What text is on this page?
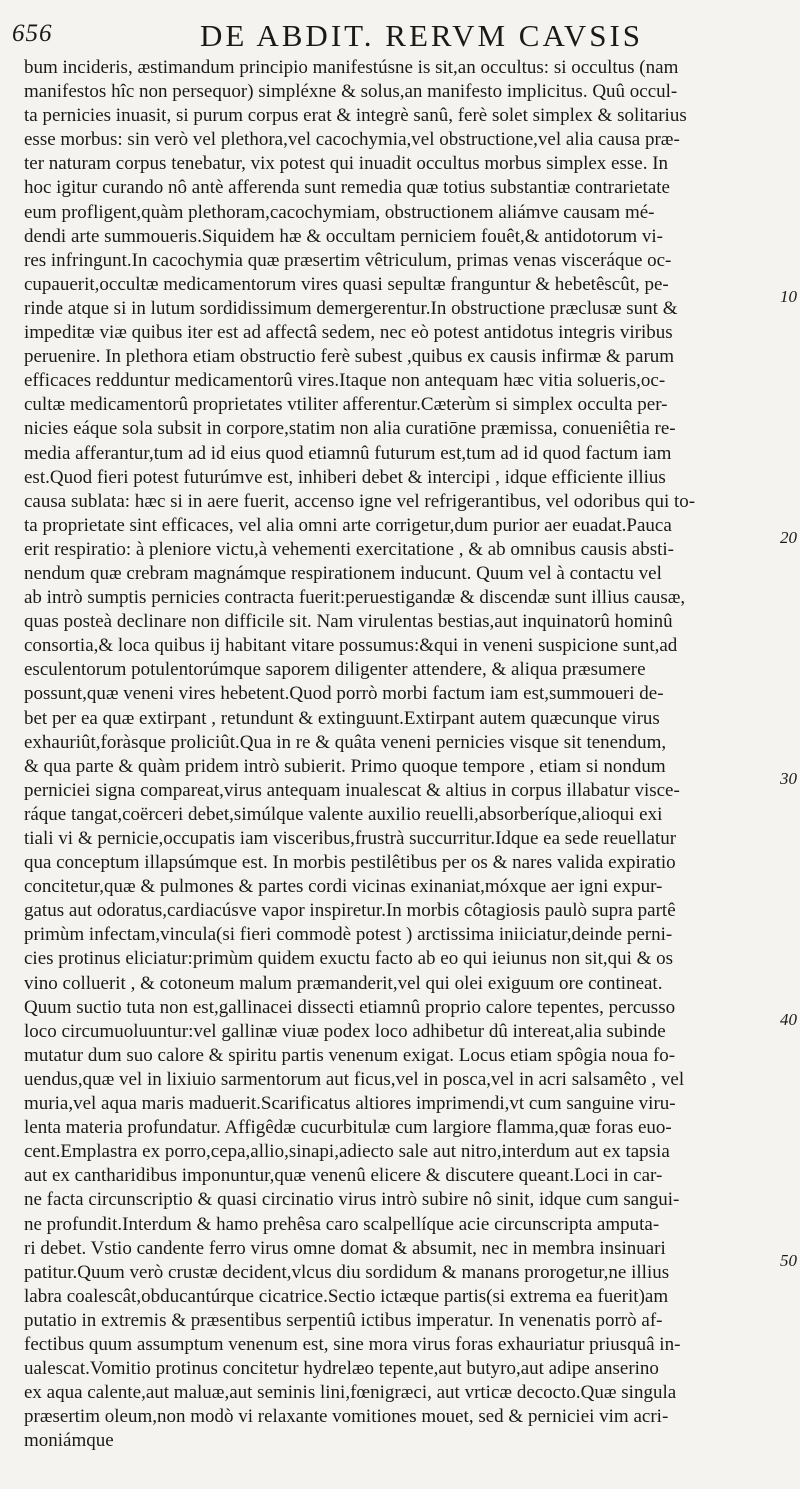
656	DE ABDIT. RERVM CAVSIS
bum incideris, æstimandum principio manifestúsne is sit,an occultus: si occultus (nam
manifestos hîc non persequor) simpléxne & solus,an manifesto implicitus. Quû occul-
ta pernicies inuasit, si purum corpus erat & integrè sanû, ferè solet simplex & solitarius
esse morbus: sin verò vel plethora,vel cacochymia,vel obstructione,vel alia causa præ-
ter naturam corpus tenebatur, vix potest qui inuadit occultus morbus simplex esse. In
hoc igitur curando nô antè afferenda sunt remedia quæ totius substantiæ contrarietate
eum profligent,quàm plethoram,cacochymiam, obstructionem aliámve causam mé-
dendi arte summoueris.Siquidem hæ & occultam perniciem fouêt,& antidotorum vi-
res infringunt.In cacochymia quæ præsertim vêtriculum, primas venas visceráque oc-
cupauerit,occultæ medicamentorum vires quasi sepultæ franguntur & hebetêscût, pe-
rinde atque si in lutum sordidissimum demergerentur.In obstructione præclusæ sunt &
impeditæ viæ quibus iter est ad affectâ sedem, nec eò potest antidotus integris viribus
peruenire. In plethora etiam obstructio ferè subest ,quibus ex causis infirmæ & parum
efficaces redduntur medicamentorû vires.Itaque non antequam hæc vitia solueris,oc-
cultæ medicamentorû proprietates vtiliter afferentur.Cæterùm si simplex occulta per-
nicies eáque sola subsit in corpore,statim non alia curatiōne præmissa, conueniêtia re-
media afferantur,tum ad id eius quod etiamnû futurum est,tum ad id quod factum iam
est.Quod fieri potest futurúmve est, inhiberi debet & intercipi , idque efficiente illius
causa sublata: hæc si in aere fuerit, accenso igne vel refrigerantibus, vel odoribus qui to-
ta proprietate sint efficaces, vel alia omni arte corrigetur,dum purior aer euadat.Pauca
erit respiratio: à pleniore victu,à vehementi exercitatione , & ab omnibus causis absti-
nendum quæ crebram magnámque respirationem inducunt. Quum vel à contactu vel
ab intrò sumptis pernicies contracta fuerit:peruestigandæ & discendæ sunt illius causæ,
quas posteà declinare non difficile sit. Nam virulentas bestias,aut inquinatorû hominû
consortia,& loca quibus ij habitant vitare possumus:&qui in veneni suspicione sunt,ad
esculentorum potulentorúmque saporem diligenter attendere, & aliqua præsumere
possunt,quæ veneni vires hebetent.Quod porrò morbi factum iam est,summoueri de-
bet per ea quæ extirpant , retundunt & extinguunt.Extirpant autem quæcunque virus
exhauriût,foràsque proliciût.Qua in re & quâta veneni pernicies visque sit tenendum,
& qua parte & quàm pridem intrò subierit. Primo quoque tempore , etiam si nondum
perniciei signa compareat,virus antequam inualescat & altius in corpus illabatur visce-
ráque tangat,coërceri debet,simúlque valente auxilio reuelli,absorberíque,alioqui exi
tiali vi & pernicie,occupatis iam visceribus,frustrà succurritur.Idque ea sede reuellatur
qua conceptum illapsúmque est. In morbis pestilêtibus per os & nares valida expiratio
concitetur,quæ & pulmones & partes cordi vicinas exinaniat,móxque aer igni expur-
gatus aut odoratus,cardiacúsve vapor inspiretur.In morbis côtagiosis paulò supra partê
primùm infectam,vincula(si fieri commodè potest ) arctissima iniiciatur,deinde perni-
cies protinus eliciatur:primùm quidem exuctu facto ab eo qui ieiunus non sit,qui & os
vino colluerit , & cotoneum malum præmanderit,vel qui olei exiguum ore contineat.
Quum suctio tuta non est,gallinacei dissecti etiamnû proprio calore tepentes, percusso
loco circumuoluuntur:vel gallinæ viuæ podex loco adhibetur dû intereat,alia subinde
mutatur dum suo calore & spiritu partis venenum exigat. Locus etiam spôgia noua fo-
uendus,quæ vel in lixiuio sarmentorum aut ficus,vel in posca,vel in acri salsamêto , vel
muria,vel aqua maris maduerit.Scarificatus altiores imprimendi,vt cum sanguine viru-
lenta materia profundatur. Affigêdæ cucurbitulæ cum largiore flamma,quæ foras euo-
cent.Emplastra ex porro,cepa,allio,sinapi,adiecto sale aut nitro,interdum aut ex tapsia
aut ex cantharidibus imponuntur,quæ venenû elicere & discutere queant.Loci in car-
ne facta circunscriptio & quasi circinatio virus intrò subire nô sinit, idque cum sangui-
ne profundit.Interdum & hamo prehêsa caro scalpellíque acie circunscripta amputa-
ri debet. Vstio candente ferro virus omne domat & absumit, nec in membra insinuari
patitur.Quum verò crustæ decident,vlcus diu sordidum & manans prorogetur,ne illius
labra coalescât,obducantúrque cicatrice.Sectio ictæque partis(si extrema ea fuerit)am
putatio in extremis & præsentibus serpentiû ictibus imperatur. In venenatis porrò af-
fectibus quum assumptum venenum est, sine mora virus foras exhauriatur priusquâ in-
ualescat.Vomitio protinus concitetur hydrelæo tepente,aut butyro,aut adipe anserino
ex aqua calente,aut maluæ,aut seminis lini,fœnigræci, aut vrticæ decocto.Quæ singula
præsertim oleum,non modò vi relaxante vomitiones mouet, sed & perniciei vim acri-
moniámque
10
20
30
40
50
